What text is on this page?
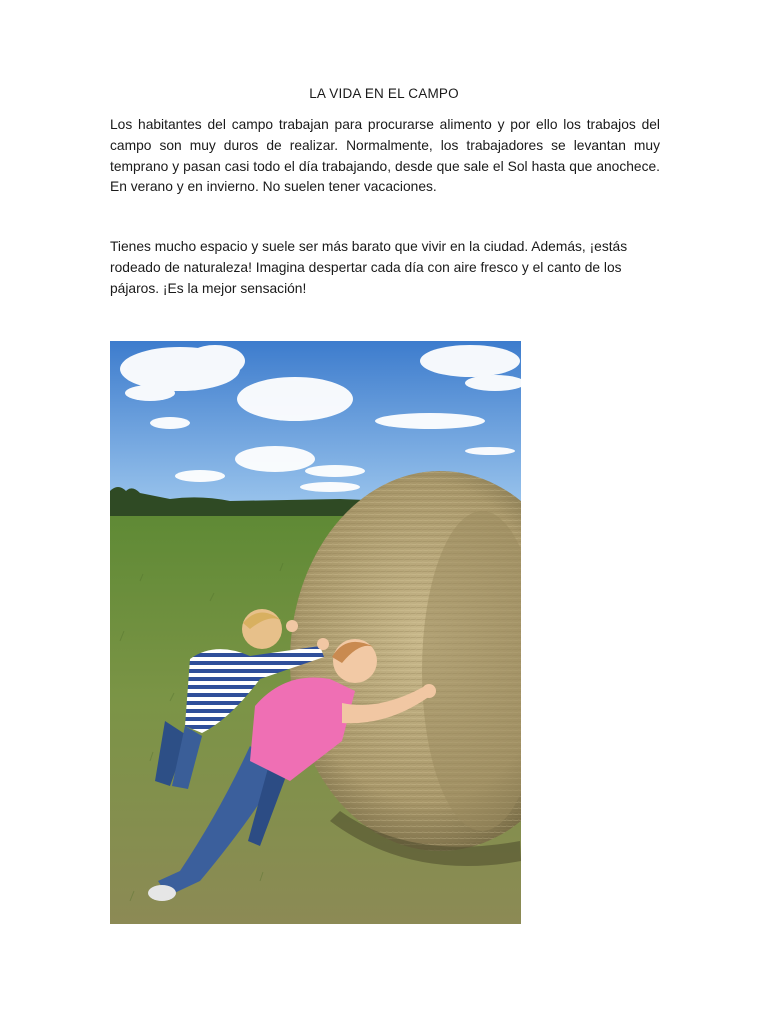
LA VIDA EN EL CAMPO

Los habitantes del campo trabajan para procurarse alimento y por ello los trabajos del campo son muy duros de realizar. Normalmente, los trabajadores se levantan muy temprano y pasan casi todo el día trabajando, desde que sale el Sol hasta que anochece. En verano y en invierno. No suelen tener vacaciones.

Tienes mucho espacio y suele ser más barato que vivir en la ciudad. Además, ¡estás rodeado de naturaleza! Imagina despertar cada día con aire fresco y el canto de los pájaros. ¡Es la mejor sensación!
